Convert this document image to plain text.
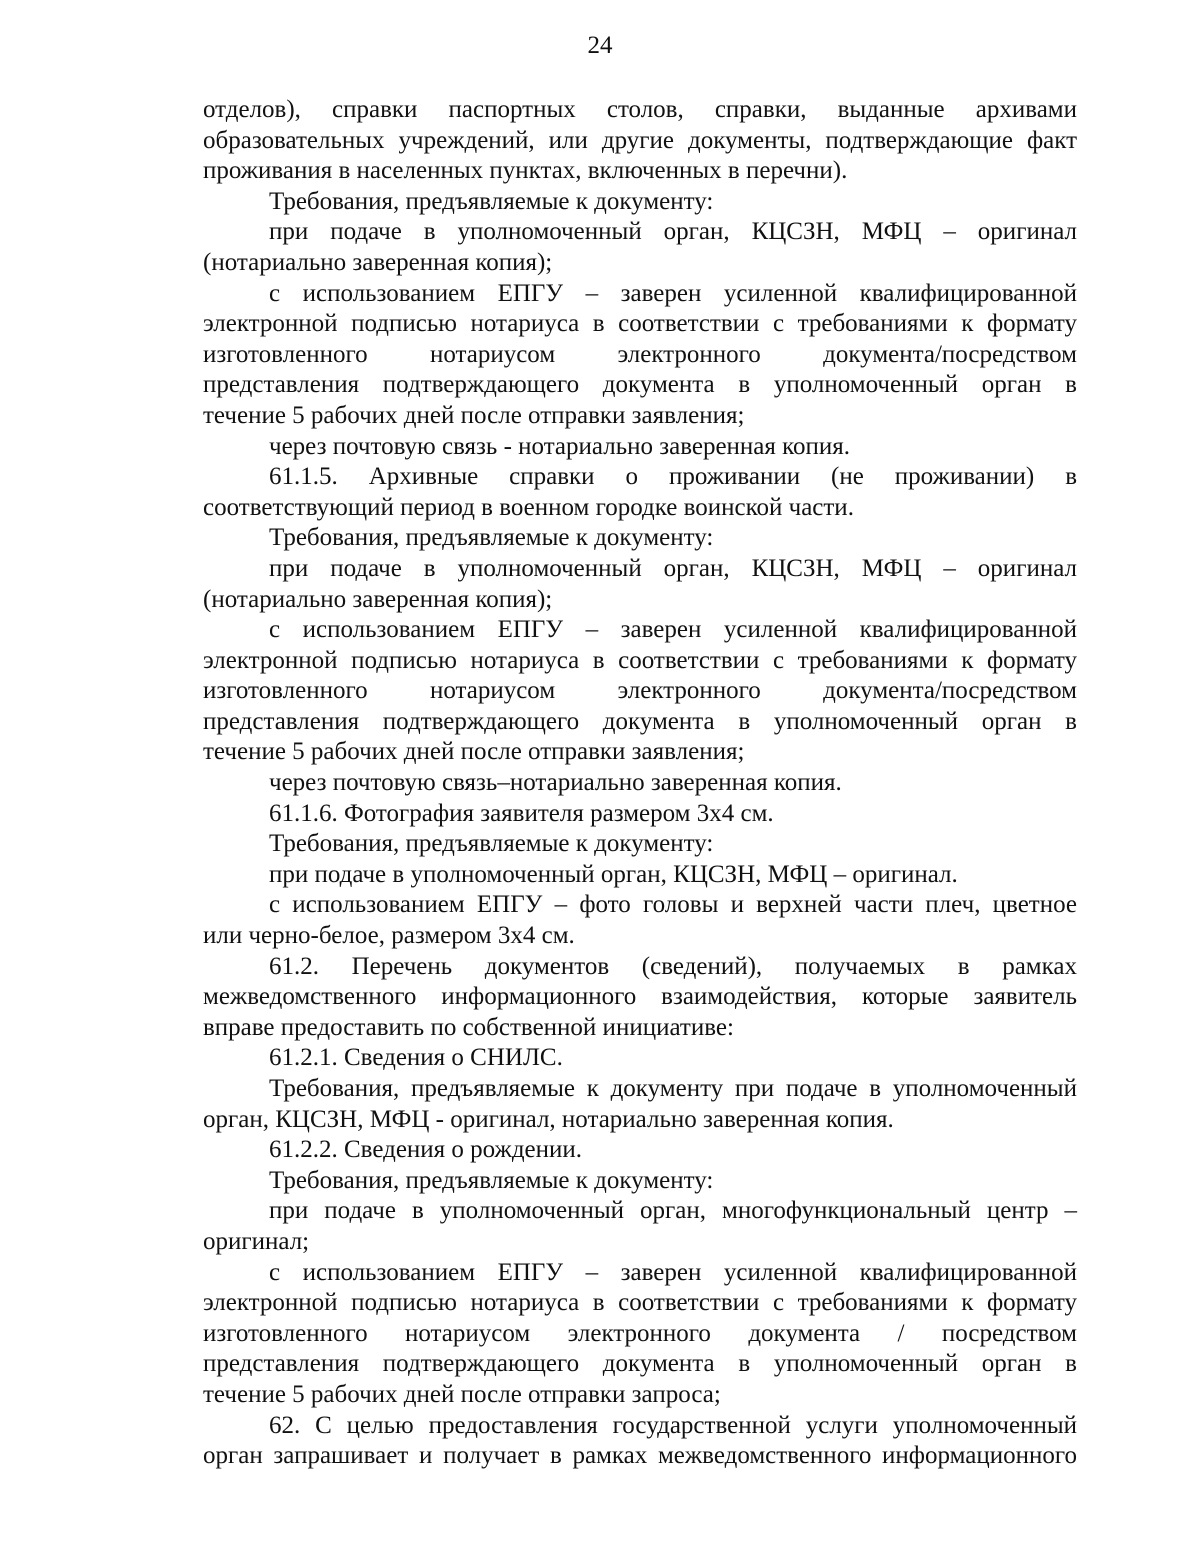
24
отделов), справки паспортных столов, справки, выданные архивами
образовательных учреждений, или другие документы, подтверждающие факт
проживания в населенных пунктах, включенных в перечни).
Требования, предъявляемые к документу:
при подаче в уполномоченный орган, КЦСЗН, МФЦ – оригинал
(нотариально заверенная копия);
с использованием ЕПГУ – заверен усиленной квалифицированной
электронной подписью нотариуса в соответствии с требованиями к формату
изготовленного нотариусом электронного документа/посредством
представления подтверждающего документа в уполномоченный орган в
течение 5 рабочих дней после отправки заявления;
через почтовую связь - нотариально заверенная копия.
61.1.5. Архивные справки о проживании (не проживании) в
соответствующий период в военном городке воинской части.
Требования, предъявляемые к документу:
при подаче в уполномоченный орган, КЦСЗН, МФЦ – оригинал
(нотариально заверенная копия);
с использованием ЕПГУ – заверен усиленной квалифицированной
электронной подписью нотариуса в соответствии с требованиями к формату
изготовленного нотариусом электронного документа/посредством
представления подтверждающего документа в уполномоченный орган в
течение 5 рабочих дней после отправки заявления;
через почтовую связь–нотариально заверенная копия.
61.1.6. Фотография заявителя размером 3х4 см.
Требования, предъявляемые к документу:
при подаче в уполномоченный орган, КЦСЗН, МФЦ – оригинал.
с использованием ЕПГУ – фото головы и верхней части плеч, цветное
или черно-белое, размером 3х4 см.
61.2. Перечень документов (сведений), получаемых в рамках
межведомственного информационного взаимодействия, которые заявитель
вправе предоставить по собственной инициативе:
61.2.1. Сведения о СНИЛС.
Требования, предъявляемые к документу при подаче в уполномоченный
орган, КЦСЗН, МФЦ - оригинал, нотариально заверенная копия.
61.2.2. Сведения о рождении.
Требования, предъявляемые к документу:
при подаче в уполномоченный орган, многофункциональный центр –
оригинал;
с использованием ЕПГУ – заверен усиленной квалифицированной
электронной подписью нотариуса в соответствии с требованиями к формату
изготовленного нотариусом электронного документа / посредством
представления подтверждающего документа в уполномоченный орган в
течение 5 рабочих дней после отправки запроса;
62. С целью предоставления государственной услуги уполномоченный
орган запрашивает и получает в рамках межведомственного информационного
